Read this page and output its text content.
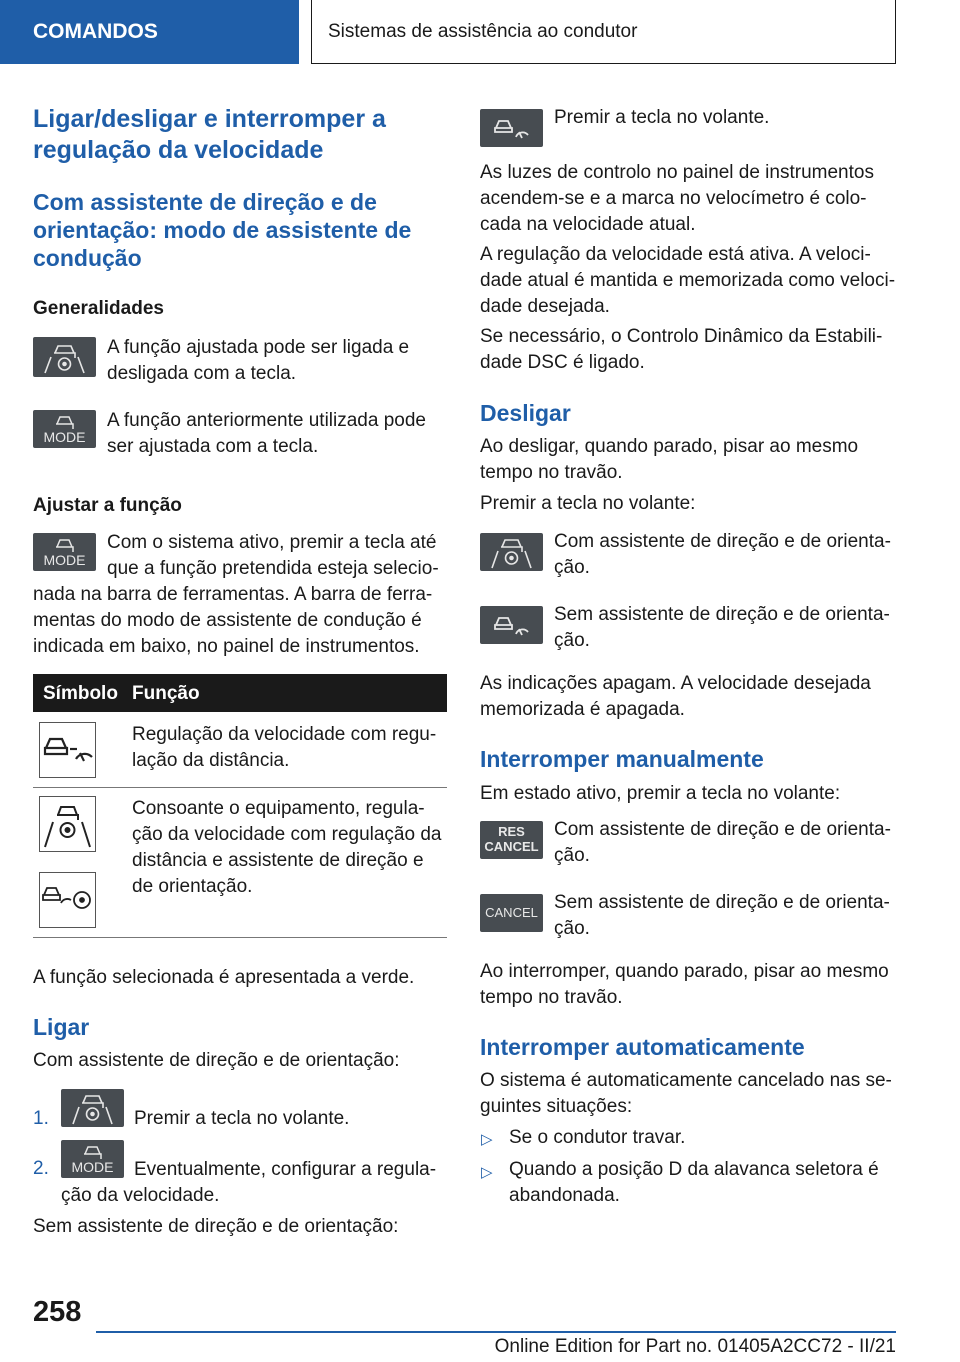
COMANDOS	Sistemas de assistência ao condutor
Ligar/desligar e interromper a
regulação da velocidade
Com assistente de direção e de
orientação: modo de assistente de
condução
Generalidades
A função ajustada pode ser ligada e
desligada com a tecla.
MODE
A função anteriormente utilizada pode
ser ajustada com a tecla.
Ajustar a função
MODE
Com o sistema ativo, premir a tecla até
que a função pretendida esteja selecio-
nada na barra de ferramentas. A barra de ferra-
mentas do modo de assistente de condução é
indicada em baixo, no painel de instrumentos.
Símbolo Função
Regulação da velocidade com regu-
lação da distância.
Consoante o equipamento, regula-
ção da velocidade com regulação da
distância e assistente de direção e
de orientação.
A função selecionada é apresentada a verde.
Ligar
Com assistente de direção e de orientação:
1.	Premir a tecla no volante.
2.	MODE	Eventualmente, configurar a regula-
ção da velocidade.
Sem assistente de direção e de orientação:
Premir a tecla no volante.
As luzes de controlo no painel de instrumentos
acendem-se e a marca no velocímetro é colo-
cada na velocidade atual.
A regulação da velocidade está ativa. A veloci-
dade atual é mantida e memorizada como veloci-
dade desejada.
Se necessário, o Controlo Dinâmico da Estabili-
dade DSC é ligado.
Desligar
Ao desligar, quando parado, pisar ao mesmo
tempo no travão.
Premir a tecla no volante:
Com assistente de direção e de orienta-
ção.
Sem assistente de direção e de orienta-
ção.
As indicações apagam. A velocidade desejada
memorizada é apagada.
Interromper manualmente
Em estado ativo, premir a tecla no volante:
RES
CANCEL
Com assistente de direção e de orienta-
ção.
CANCEL Sem assistente de direção e de orienta-
ção.
Ao interromper, quando parado, pisar ao mesmo
tempo no travão.
Interromper automaticamente
O sistema é automaticamente cancelado nas se-
guintes situações:
▷ Se o condutor travar.
▷ Quando a posição D da alavanca seletora é
abandonada.
258
Online Edition for Part no. 01405A2CC72 - II/21
